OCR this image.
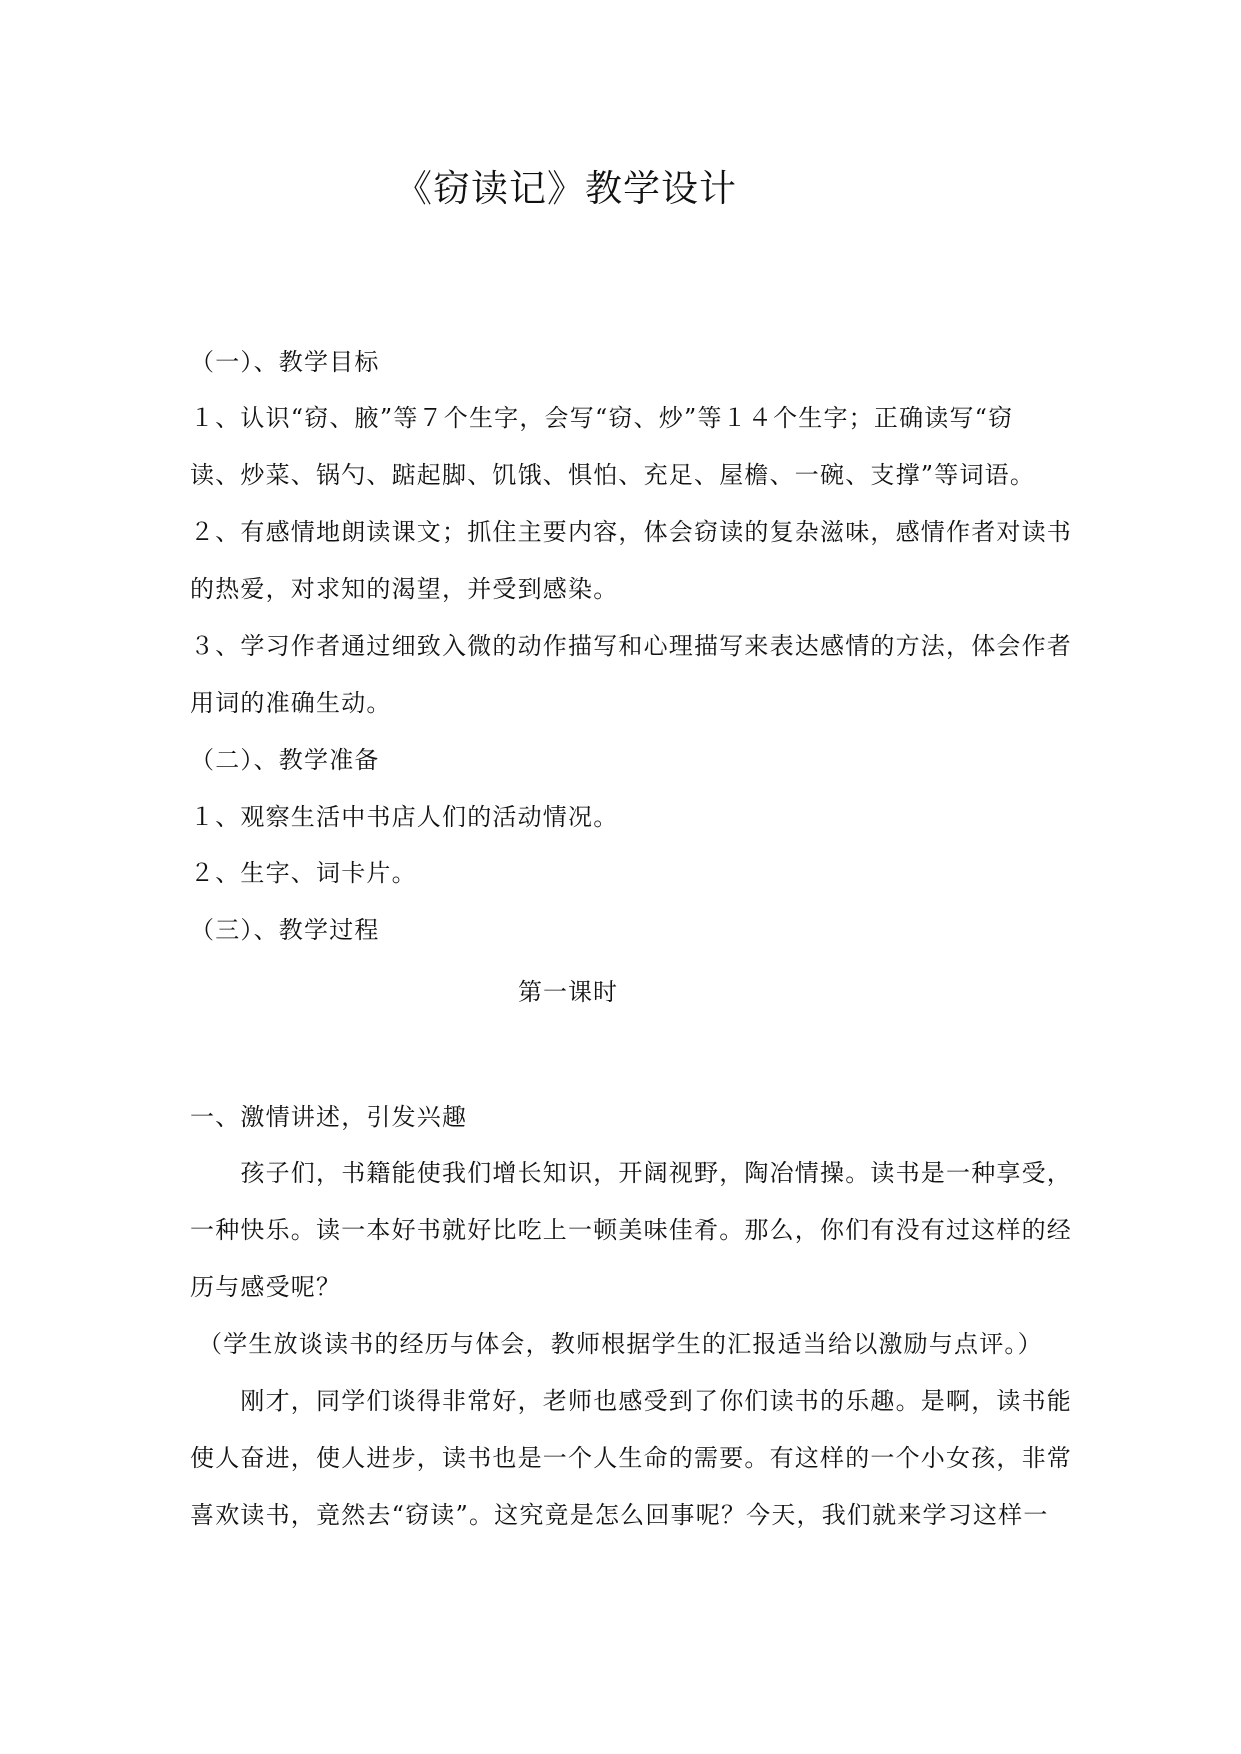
《窃读记》教学设计

（一）、教学目标

１、认识“窃、腋”等７个生字，会写“窃、炒”等１４个生字；正确读写“窃

读、炒菜、锅勺、踮起脚、饥饿、惧怕、充足、屋檐、一碗、支撑”等词语。

２、有感情地朗读课文；抓住主要内容，体会窃读的复杂滋味，感情作者对读书

的热爱，对求知的渴望，并受到感染。

３、学习作者通过细致入微的动作描写和心理描写来表达感情的方法，体会作者

用词的准确生动。

（二）、教学准备

１、观察生活中书店人们的活动情况。

２、生字、词卡片。

（三）、教学过程

第一课时

一、激情讲述，引发兴趣

　　孩子们，书籍能使我们增长知识，开阔视野，陶冶情操。读书是一种享受，

一种快乐。读一本好书就好比吃上一顿美味佳肴。那么，你们有没有过这样的经

历与感受呢？

（学生放谈读书的经历与体会，教师根据学生的汇报适当给以激励与点评。）

　　刚才，同学们谈得非常好，老师也感受到了你们读书的乐趣。是啊，读书能

使人奋进，使人进步，读书也是一个人生命的需要。有这样的一个小女孩，非常

喜欢读书，竟然去“窃读”。这究竟是怎么回事呢？今天，我们就来学习这样一
